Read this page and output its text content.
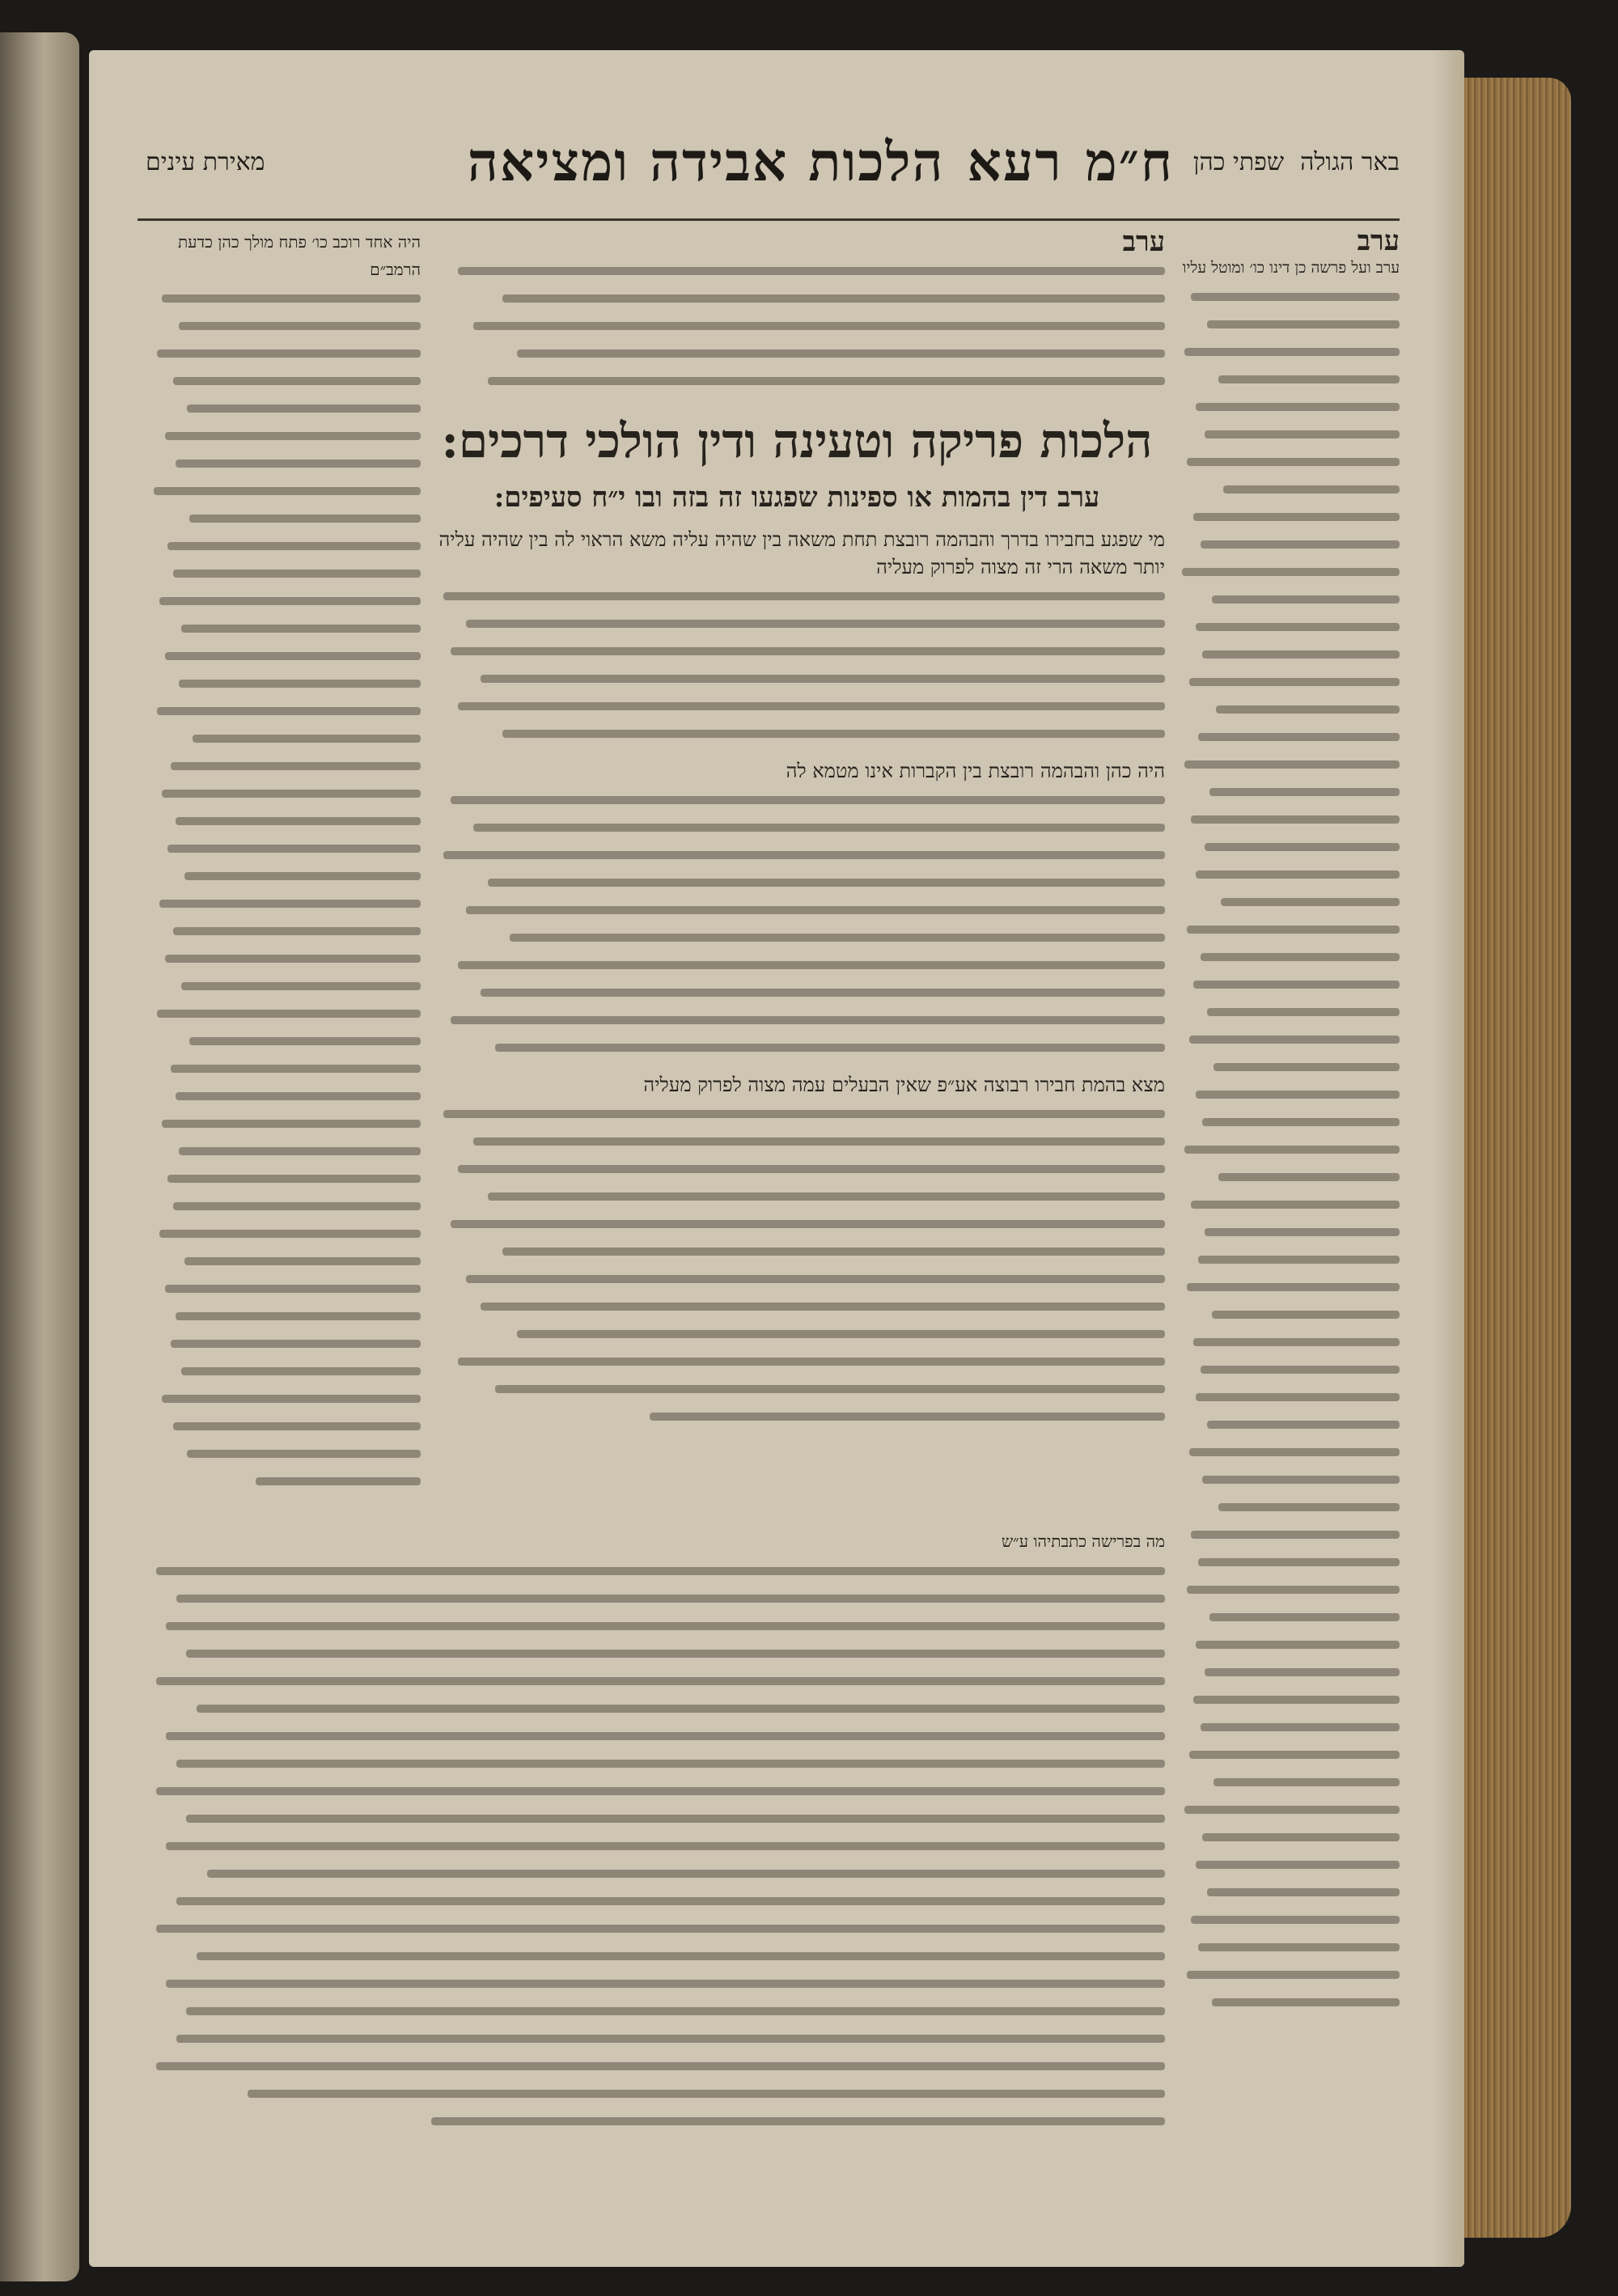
באר הגולה
שפתי כהן
ח״מ
רעא
הלכות אבידה ומציאה
מאירת עינים

ערב

ערב ועל פרשה כן דינו כו׳ ומוטל עליו

ערב

הלכות פריקה וטעינה ודין הולכי דרכים:
ערב דין בהמות או ספינות שפגעו זה בזה ובו י״ח סעיפים:

מי שפגע בחבירו בדרך והבהמה רובצת תחת משאה בין שהיה עליה משא הראוי לה בין שהיה עליה יותר משאה הרי זה מצוה לפרוק מעליה

היה כהן והבהמה רובצת בין הקברות אינו מטמא לה

מצא בהמת חבירו רבוצה אע״פ שאין הבעלים עמה מצוה לפרוק מעליה

היה אחד רוכב כו׳ פתח מולך כהן כדעת הרמב״ם

מה בפרישה כתבתיהו ע״ש
